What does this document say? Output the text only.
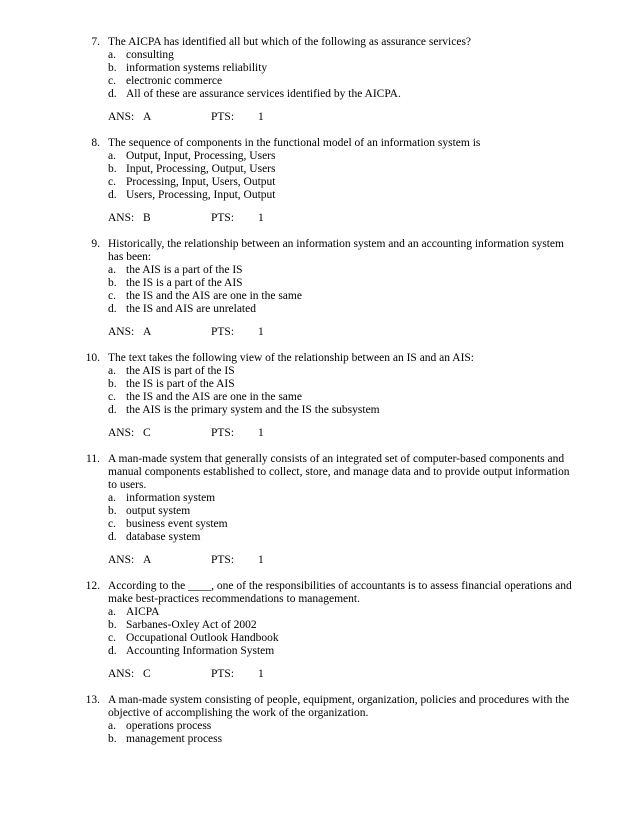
7. The AICPA has identified all but which of the following as assurance services?
a. consulting
b. information systems reliability
c. electronic commerce
d. All of these are assurance services identified by the AICPA.
ANS: A	PTS: 1
8. The sequence of components in the functional model of an information system is
a. Output, Input, Processing, Users
b. Input, Processing, Output, Users
c. Processing, Input, Users, Output
d. Users, Processing, Input, Output
ANS: B	PTS: 1
9. Historically, the relationship between an information system and an accounting information system has been:
a. the AIS is a part of the IS
b. the IS is a part of the AIS
c. the IS and the AIS are one in the same
d. the IS and AIS are unrelated
ANS: A	PTS: 1
10. The text takes the following view of the relationship between an IS and an AIS:
a. the AIS is part of the IS
b. the IS is part of the AIS
c. the IS and the AIS are one in the same
d. the AIS is the primary system and the IS the subsystem
ANS: C	PTS: 1
11. A man-made system that generally consists of an integrated set of computer-based components and manual components established to collect, store, and manage data and to provide output information to users.
a. information system
b. output system
c. business event system
d. database system
ANS: A	PTS: 1
12. According to the ____, one of the responsibilities of accountants is to assess financial operations and make best-practices recommendations to management.
a. AICPA
b. Sarbanes-Oxley Act of 2002
c. Occupational Outlook Handbook
d. Accounting Information System
ANS: C	PTS: 1
13. A man-made system consisting of people, equipment, organization, policies and procedures with the objective of accomplishing the work of the organization.
a. operations process
b. management process
